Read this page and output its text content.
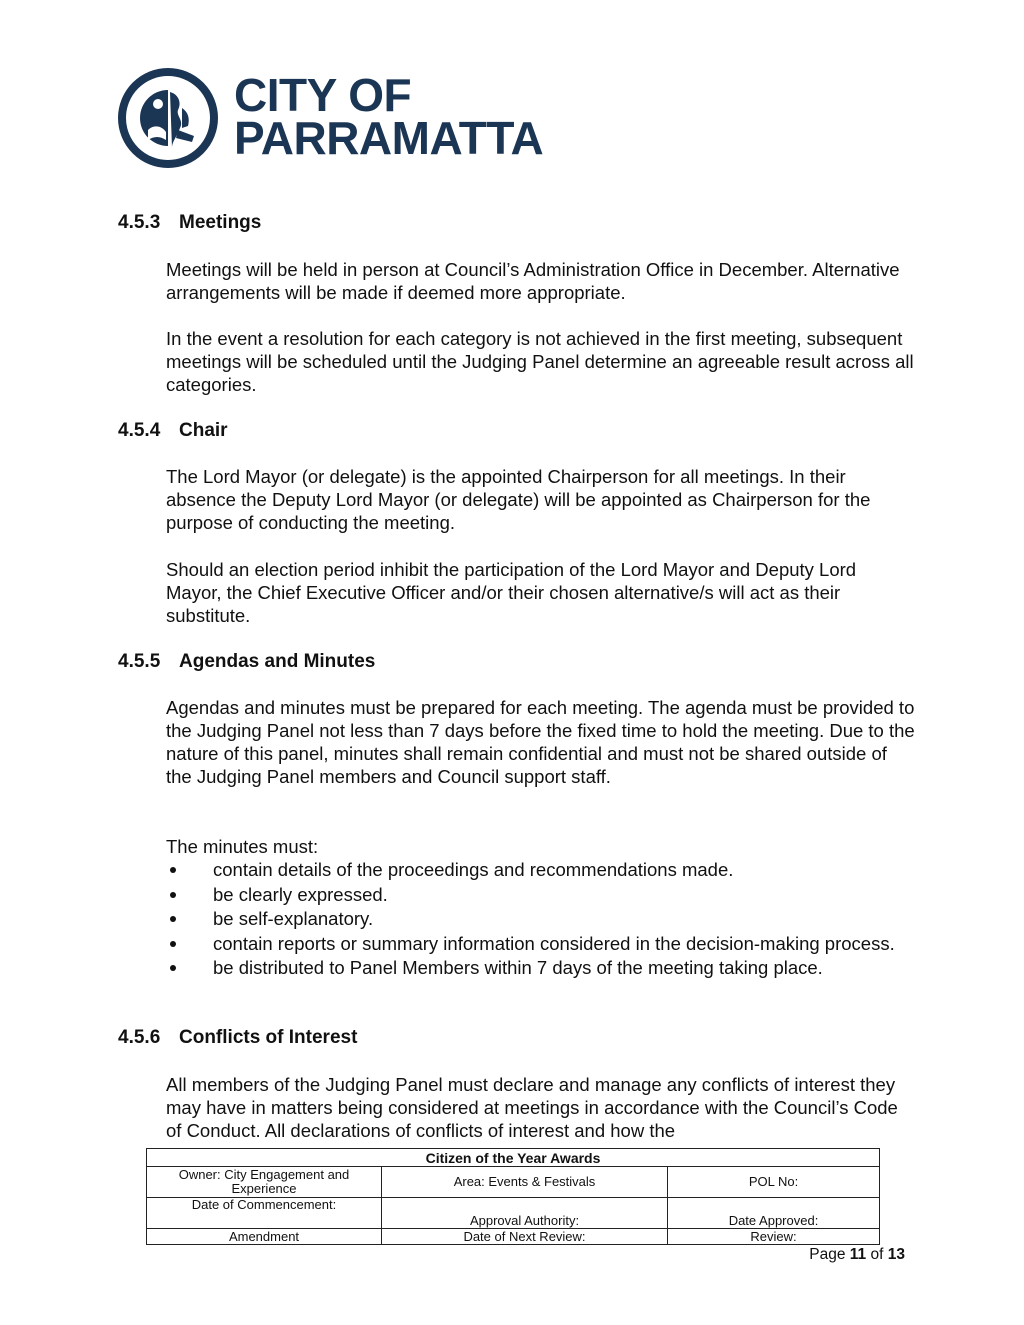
CITY OF
PARRAMATTA
4.5.3 Meetings

Meetings will be held in person at Council’s Administration Office in December. Alternative arrangements will be made if deemed more appropriate.

In the event a resolution for each category is not achieved in the first meeting, subsequent meetings will be scheduled until the Judging Panel determine an agreeable result across all categories.

4.5.4 Chair

The Lord Mayor (or delegate) is the appointed Chairperson for all meetings. In their absence the Deputy Lord Mayor (or delegate) will be appointed as Chairperson for the purpose of conducting the meeting.

Should an election period inhibit the participation of the Lord Mayor and Deputy Lord Mayor, the Chief Executive Officer and/or their chosen alternative/s will act as their substitute.

4.5.5 Agendas and Minutes

Agendas and minutes must be prepared for each meeting. The agenda must be provided to the Judging Panel not less than 7 days before the fixed time to hold the meeting. Due to the nature of this panel, minutes shall remain confidential and must not be shared outside of the Judging Panel members and Council support staff.

The minutes must:

contain details of the proceedings and recommendations made.
be clearly expressed.
be self-explanatory.
contain reports or summary information considered in the decision-making process.
be distributed to Panel Members within 7 days of the meeting taking place.
4.5.6 Conflicts of Interest

All members of the Judging Panel must declare and manage any conflicts of interest they may have in matters being considered at meetings in accordance with the Council’s Code of Conduct. All declarations of conflicts of interest and how the

Citizen of the Year Awards		
Owner: City Engagement and Experience	Area: Events & Festivals	POL No:
Date of Commencement:	Approval Authority:	Date Approved:
Amendment	Date of Next Review:	Review:
Page 11 of 13
